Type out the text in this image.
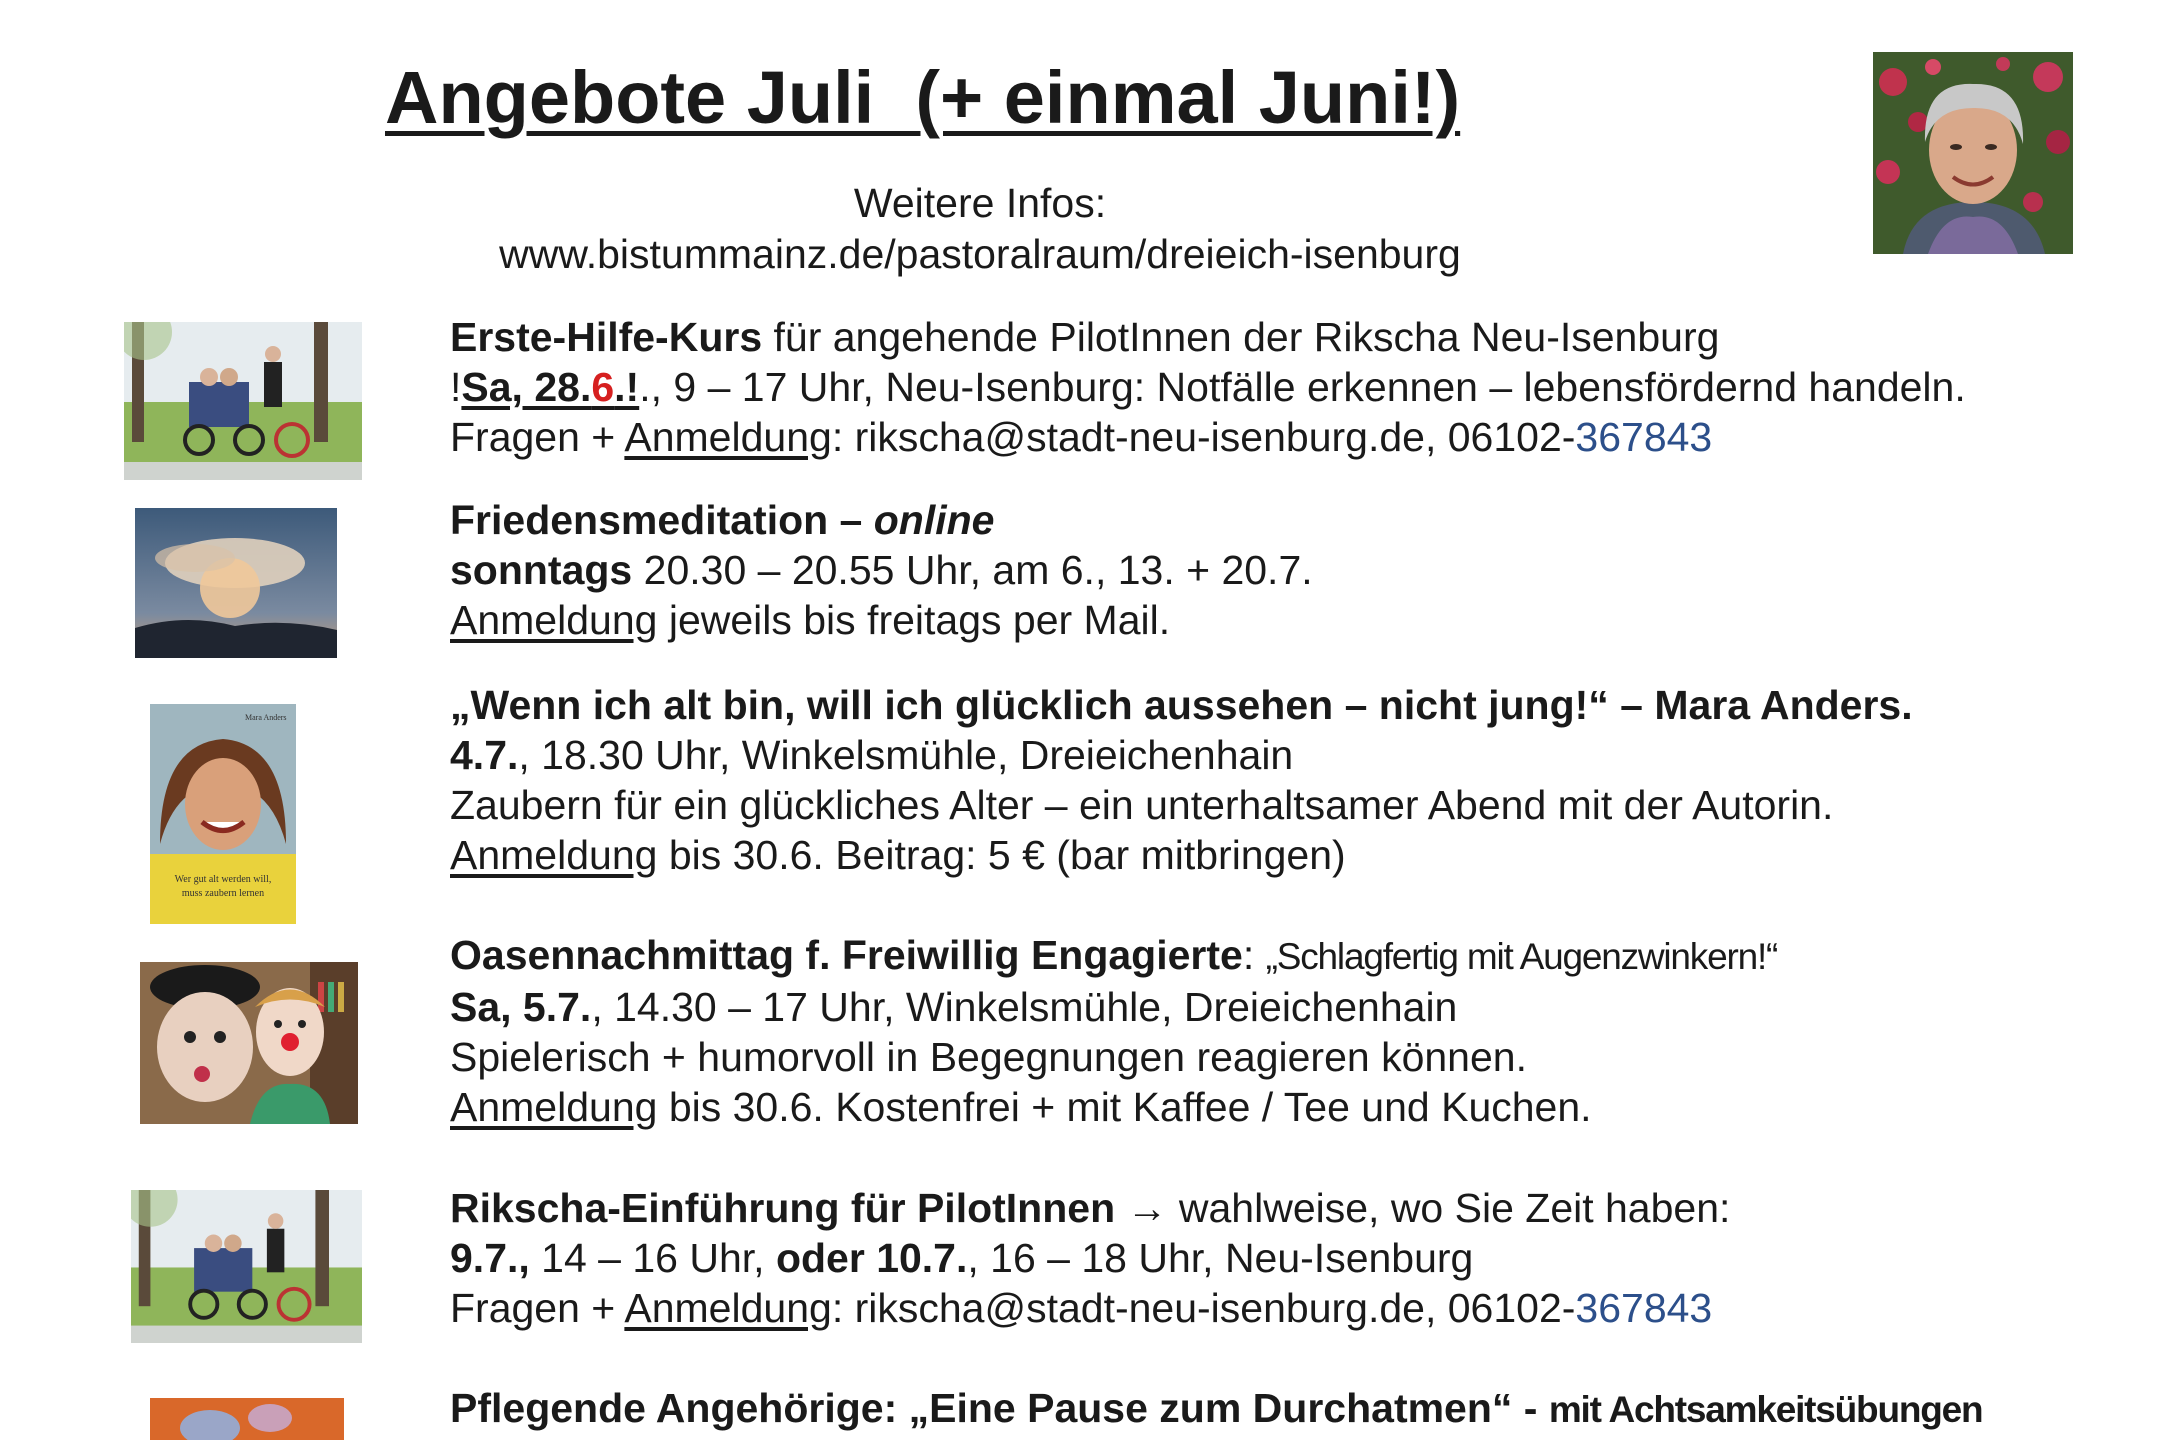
Angebote Juli  (+ einmal Juni!)
Weitere Infos:
www.bistummainz.de/pastoralraum/dreieich-isenburg
Erste-Hilfe-Kurs für angehende PilotInnen der Rikscha Neu-Isenburg
!Sa, 28.6.!., 9 – 17 Uhr, Neu-Isenburg: Notfälle erkennen – lebensfördernd handeln.
Fragen + Anmeldung: rikscha@stadt-neu-isenburg.de, 06102-367843
Friedensmeditation – online
sonntags 20.30 – 20.55 Uhr, am 6., 13. + 20.7.
Anmeldung jeweils bis freitags per Mail.
Mara Anders
Wer gut alt werden will,
muss zaubern lernen
„Wenn ich alt bin, will ich glücklich aussehen – nicht jung!“ – Mara Anders.
4.7., 18.30 Uhr, Winkelsmühle, Dreieichenhain
Zaubern für ein glückliches Alter – ein unterhaltsamer Abend mit der Autorin.
Anmeldung bis 30.6. Beitrag: 5 € (bar mitbringen)
Oasennachmittag f. Freiwillig Engagierte: „Schlagfertig mit Augenzwinkern!“
Sa, 5.7., 14.30 – 17 Uhr, Winkelsmühle, Dreieichenhain
Spielerisch + humorvoll in Begegnungen reagieren können.
Anmeldung bis 30.6. Kostenfrei + mit Kaffee / Tee und Kuchen.
Rikscha-Einführung für PilotInnen → wahlweise, wo Sie Zeit haben:
9.7., 14 – 16 Uhr, oder 10.7., 16 – 18 Uhr, Neu-Isenburg
Fragen + Anmeldung: rikscha@stadt-neu-isenburg.de, 06102-367843
Pflegende Angehörige: „Eine Pause zum Durchatmen“ - mit Achtsamkeitsübungen
